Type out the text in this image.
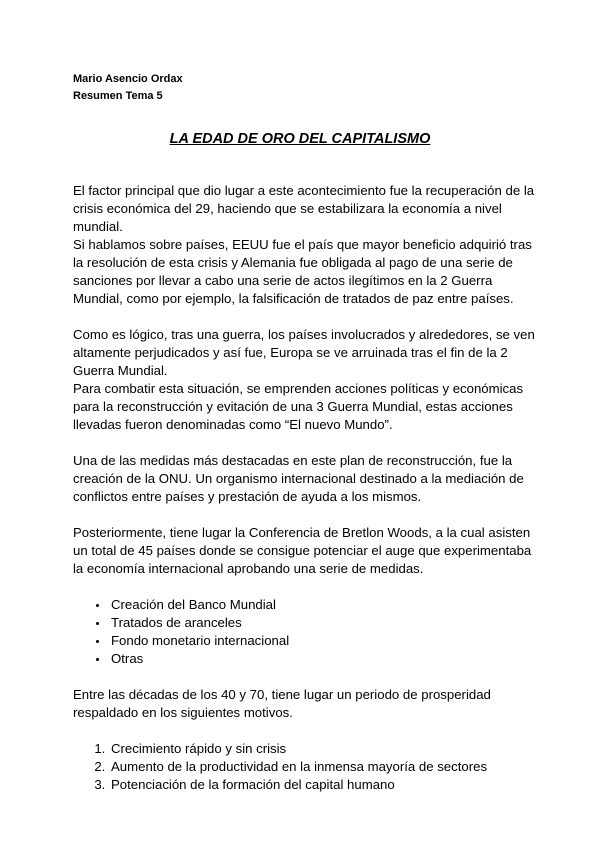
Mario Asencio Ordax
Resumen Tema 5
LA EDAD DE ORO DEL CAPITALISMO

El factor principal que dio lugar a este acontecimiento fue la recuperación de la crisis económica del 29, haciendo que se estabilizara la economía a nivel mundial.
Si hablamos sobre países, EEUU fue el país que mayor beneficio adquirió tras la resolución de esta crisis y Alemania fue obligada al pago de una serie de sanciones por llevar a cabo una serie de actos ilegítimos en la 2 Guerra Mundial, como por ejemplo, la falsificación de tratados de paz entre países.

Como es lógico, tras una guerra, los países involucrados y alrededores, se ven altamente perjudicados y así fue, Europa se ve arruinada tras el fin de la 2 Guerra Mundial.
Para combatir esta situación, se emprenden acciones políticas y económicas para la reconstrucción y evitación de una 3 Guerra Mundial, estas acciones llevadas fueron denominadas como “El nuevo Mundo”.

Una de las medidas más destacadas en este plan de reconstrucción, fue la creación de la ONU. Un organismo internacional destinado a la mediación de conflictos entre países y prestación de ayuda a los mismos.

Posteriormente, tiene lugar la Conferencia de Bretlon Woods, a la cual asisten un total de 45 países donde se consigue potenciar el auge que experimentaba la economía internacional aprobando una serie de medidas.

• Creación del Banco Mundial
• Tratados de aranceles
• Fondo monetario internacional
• Otras

Entre las décadas de los 40 y 70, tiene lugar un periodo de prosperidad respaldado en los siguientes motivos.

1. Crecimiento rápido y sin crisis
2. Aumento de la productividad en la inmensa mayoría de sectores
3. Potenciación de la formación del capital humano
